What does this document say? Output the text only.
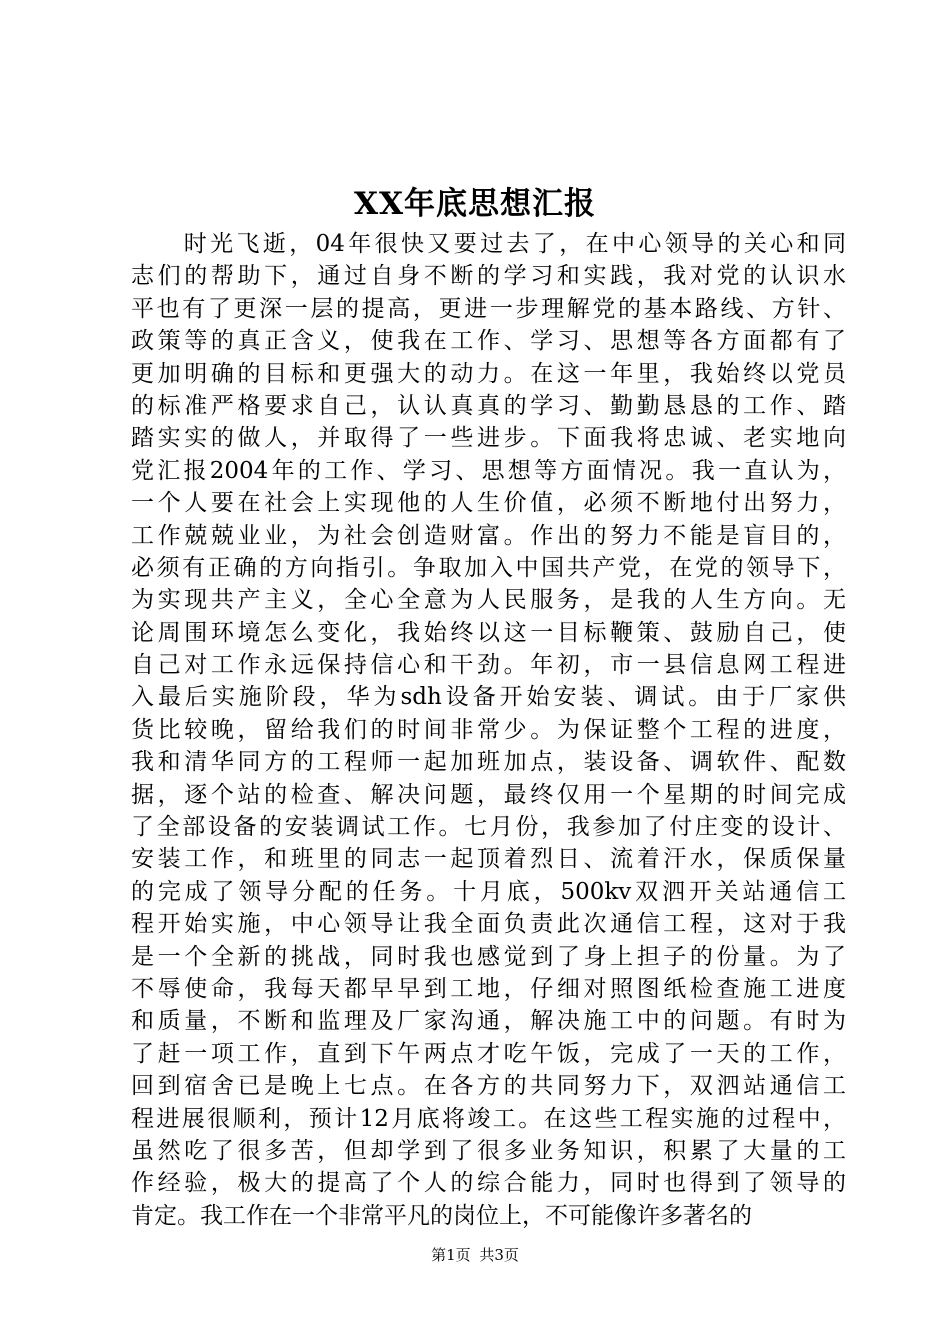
XX年底思想汇报
　　时光飞逝，04年很快又要过去了，在中心领导的关心和同
志们的帮助下，通过自身不断的学习和实践，我对党的认识水
平也有了更深一层的提高，更进一步理解党的基本路线、方针、
政策等的真正含义，使我在工作、学习、思想等各方面都有了
更加明确的目标和更强大的动力。在这一年里，我始终以党员
的标准严格要求自己，认认真真的学习、勤勤恳恳的工作、踏
踏实实的做人，并取得了一些进步。下面我将忠诚、老实地向
党汇报2004年的工作、学习、思想等方面情况。我一直认为，
一个人要在社会上实现他的人生价值，必须不断地付出努力，
工作兢兢业业，为社会创造财富。作出的努力不能是盲目的，
必须有正确的方向指引。争取加入中国共产党，在党的领导下，
为实现共产主义，全心全意为人民服务，是我的人生方向。无
论周围环境怎么变化，我始终以这一目标鞭策、鼓励自己，使
自己对工作永远保持信心和干劲。年初，市一县信息网工程进
入最后实施阶段，华为sdh设备开始安装、调试。由于厂家供
货比较晚，留给我们的时间非常少。为保证整个工程的进度，
我和清华同方的工程师一起加班加点，装设备、调软件、配数
据，逐个站的检查、解决问题，最终仅用一个星期的时间完成
了全部设备的安装调试工作。七月份，我参加了付庄变的设计、
安装工作，和班里的同志一起顶着烈日、流着汗水，保质保量
的完成了领导分配的任务。十月底，500kv双泗开关站通信工
程开始实施，中心领导让我全面负责此次通信工程，这对于我
是一个全新的挑战，同时我也感觉到了身上担子的份量。为了
不辱使命，我每天都早早到工地，仔细对照图纸检查施工进度
和质量，不断和监理及厂家沟通，解决施工中的问题。有时为
了赶一项工作，直到下午两点才吃午饭，完成了一天的工作，
回到宿舍已是晚上七点。在各方的共同努力下，双泗站通信工
程进展很顺利，预计12月底将竣工。在这些工程实施的过程中，
虽然吃了很多苦，但却学到了很多业务知识，积累了大量的工
作经验，极大的提高了个人的综合能力，同时也得到了领导的
肯定。我工作在一个非常平凡的岗位上，不可能像许多著名的
第1页 共3页
